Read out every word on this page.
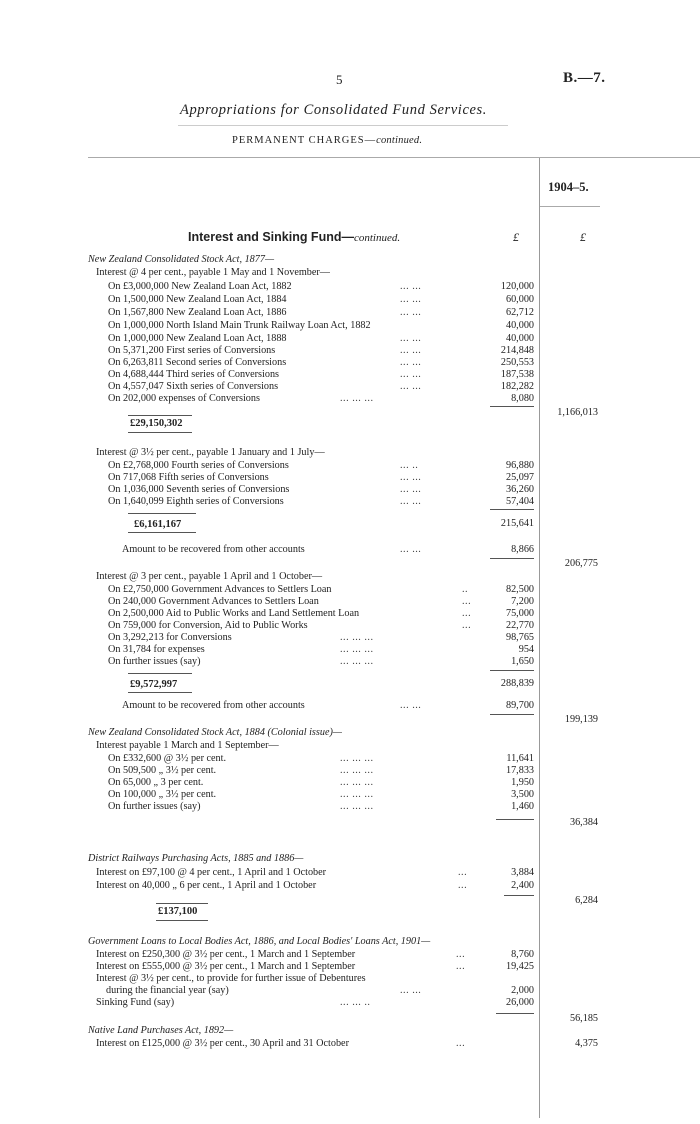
5	B.—7.
Appropriations for Consolidated Fund Services.
PERMANENT CHARGES—continued.
1904–5.
Interest and Sinking Fund—continued.	£	£
New Zealand Consolidated Stock Act, 1877—
Interest @ 4 per cent., payable 1 May and 1 November—
On £3,000,000 New Zealand Loan Act, 1882	... ...	120,000
On 1,500,000 New Zealand Loan Act, 1884	... ...	60,000
On 1,567,800 New Zealand Loan Act, 1886	... ...	62,712
On 1,000,000 North Island Main Trunk Railway Loan Act, 1882	40,000
On 1,000,000 New Zealand Loan Act, 1888	... ...	40,000
On 5,371,200 First series of Conversions	... ...	214,848
On 6,263,811 Second series of Conversions	... ...	250,553
On 4,688,444 Third series of Conversions	... ...	187,538
On 4,557,047 Sixth series of Conversions	... ...	182,282
On 202,000 expenses of Conversions	... ... ...	8,080
1,166,013
£29,150,302
Interest @ 3½ per cent., payable 1 January and 1 July—
On £2,768,000 Fourth series of Conversions	... ..	96,880
On 717,068 Fifth series of Conversions	... ...	25,097
On 1,036,000 Seventh series of Conversions	... ...	36,260
On 1,640,099 Eighth series of Conversions	... ...	57,404
£6,161,167	215,641
Amount to be recovered from other accounts	... ...	8,866
206,775
Interest @ 3 per cent., payable 1 April and 1 October—
On £2,750,000 Government Advances to Settlers Loan	..	82,500
On 240,000 Government Advances to Settlers Loan	...	7,200
On 2,500,000 Aid to Public Works and Land Settlement Loan	...	75,000
On 759,000 for Conversion, Aid to Public Works	...	22,770
On 3,292,213 for Conversions	... ... ...	98,765
On 31,784 for expenses	... ... ...	954
On further issues (say)	... ... ...	1,650
£9,572,997	288,839
Amount to be recovered from other accounts	... ...	89,700
199,139
New Zealand Consolidated Stock Act, 1884 (Colonial issue)—
Interest payable 1 March and 1 September—
On £332,600 @ 3½ per cent.	... ... ...	11,641
On 509,500 „ 3½ per cent.	... ... ...	17,833
On 65,000 „ 3 per cent.	... ... ...	1,950
On 100,000 „ 3½ per cent.	... ... ...	3,500
On further issues (say)	... ... ...	1,460
36,384
District Railways Purchasing Acts, 1885 and 1886—
Interest on £97,100 @ 4 per cent., 1 April and 1 October	...	3,884
Interest on 40,000 „ 6 per cent., 1 April and 1 October	...	2,400
6,284
£137,100
Government Loans to Local Bodies Act, 1886, and Local Bodies' Loans Act, 1901—
Interest on £250,300 @ 3½ per cent., 1 March and 1 September	...	8,760
Interest on £555,000 @ 3½ per cent., 1 March and 1 September	...	19,425
Interest @ 3½ per cent., to provide for further issue of Debentures
during the financial year (say)	... ...	2,000
Sinking Fund (say)	... ... ..	26,000
56,185
Native Land Purchases Act, 1892—
Interest on £125,000 @ 3½ per cent., 30 April and 31 October	...	4,375
